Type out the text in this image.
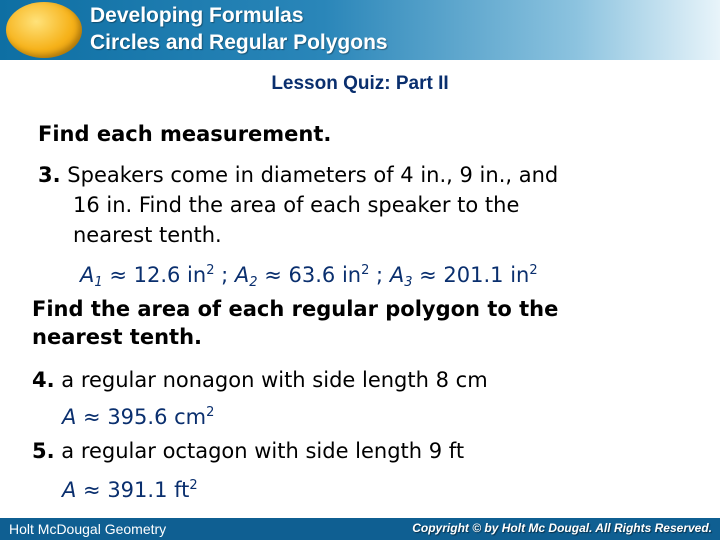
Developing Formulas
Circles and Regular Polygons
Lesson Quiz: Part II
Find each measurement.
3. Speakers come in diameters of 4 in., 9 in., and
16 in. Find the area of each speaker to the
nearest tenth.
$A_1 \approx 12.6$ $in^2$ ; $A_2 \approx 63.6$ $in^2$ ; $A_3 \approx 201.1$ $in^2$
Find the area of each regular polygon to the
nearest tenth.
4. a regular nonagon with side length 8 cm
A ≈ 395.6 $cm^2$
5. a regular octagon with side length 9 ft
A ≈ 391.1 $ft^2$
Holt McDougal Geometry	Copyright © by Holt Mc Dougal. All Rights Reserved.
